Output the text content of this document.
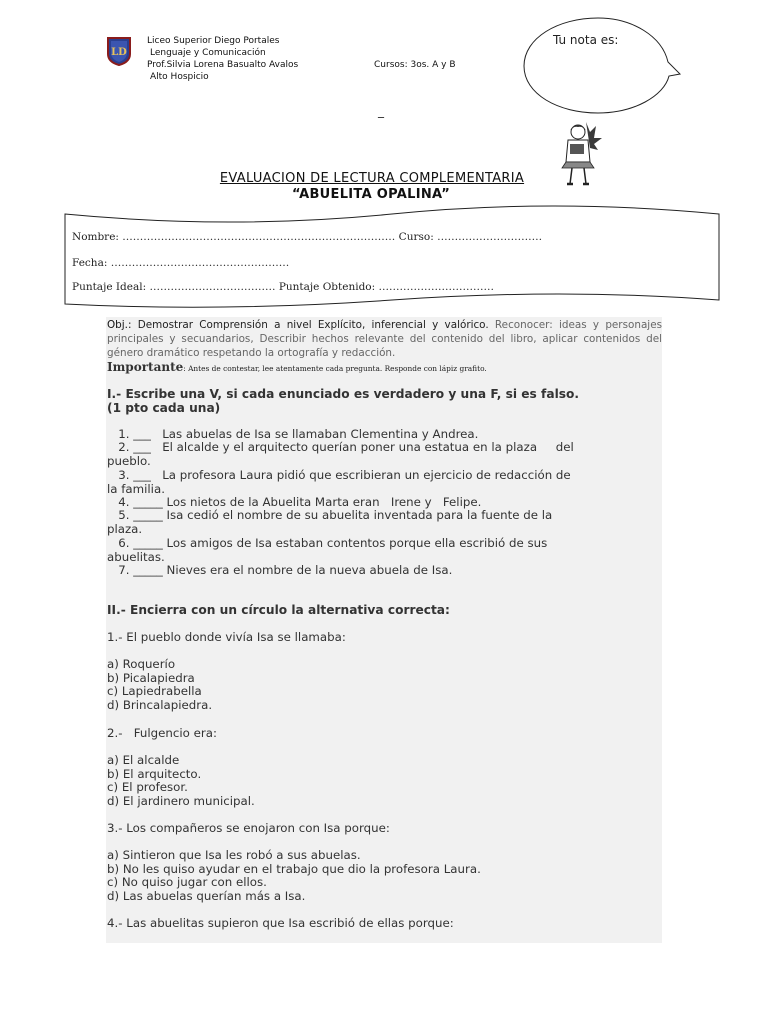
LD
Liceo Superior Diego Portales
Lenguaje y Comunicación
Prof.Silvia Lorena Basualto Avalos	Cursos: 3os. A y B
Alto Hospicio
Tu nota es:
_
EVALUACION DE LECTURA COMPLEMENTARIA
“ABUELITA OPALINA”
Nombre: …………………………………………………………………… Curso: …………………………
Fecha: ……………………………………………
Puntaje Ideal: ……………………………… Puntaje Obtenido: ……………………………
Obj.: Demostrar Comprensión a nivel Explícito, inferencial y valórico. Reconocer: ideas y personajes principales y secuandarios, Describir hechos relevante del contenido del libro, aplicar contenidos del género dramático respetando la ortografía y redacción.
Importante: Antes de contestar, lee atentamente cada pregunta. Responde con lápiz grafito.
I.- Escribe una V, si cada enunciado es verdadero y una F, si es falso.
(1 pto cada una)
1. ___   Las abuelas de Isa se llamaban Clementina y Andrea.
2. ___   El alcalde y el arquitecto querían poner una estatua en la plaza     del
pueblo.
3. ___   La profesora Laura pidió que escribieran un ejercicio de redacción de
la familia.
4. _____ Los nietos de la Abuelita Marta eran   Irene y   Felipe.
5. _____ Isa cedió el nombre de su abuelita inventada para la fuente de la
plaza.
6. _____ Los amigos de Isa estaban contentos porque ella escribió de sus
abuelitas.
7. _____ Nieves era el nombre de la nueva abuela de Isa.
II.- Encierra con un círculo la alternativa correcta:
1.- El pueblo donde vivía Isa se llamaba:
a) Roquerío
b) Picalapiedra
c) Lapiedrabella
d) Brincalapiedra.
2.-   Fulgencio era:
a) El alcalde
b) El arquitecto.
c) El profesor.
d) El jardinero municipal.
3.- Los compañeros se enojaron con Isa porque:
a) Sintieron que Isa les robó a sus abuelas.
b) No les quiso ayudar en el trabajo que dio la profesora Laura.
c) No quiso jugar con ellos.
d) Las abuelas querían más a Isa.
4.- Las abuelitas supieron que Isa escribió de ellas porque:
